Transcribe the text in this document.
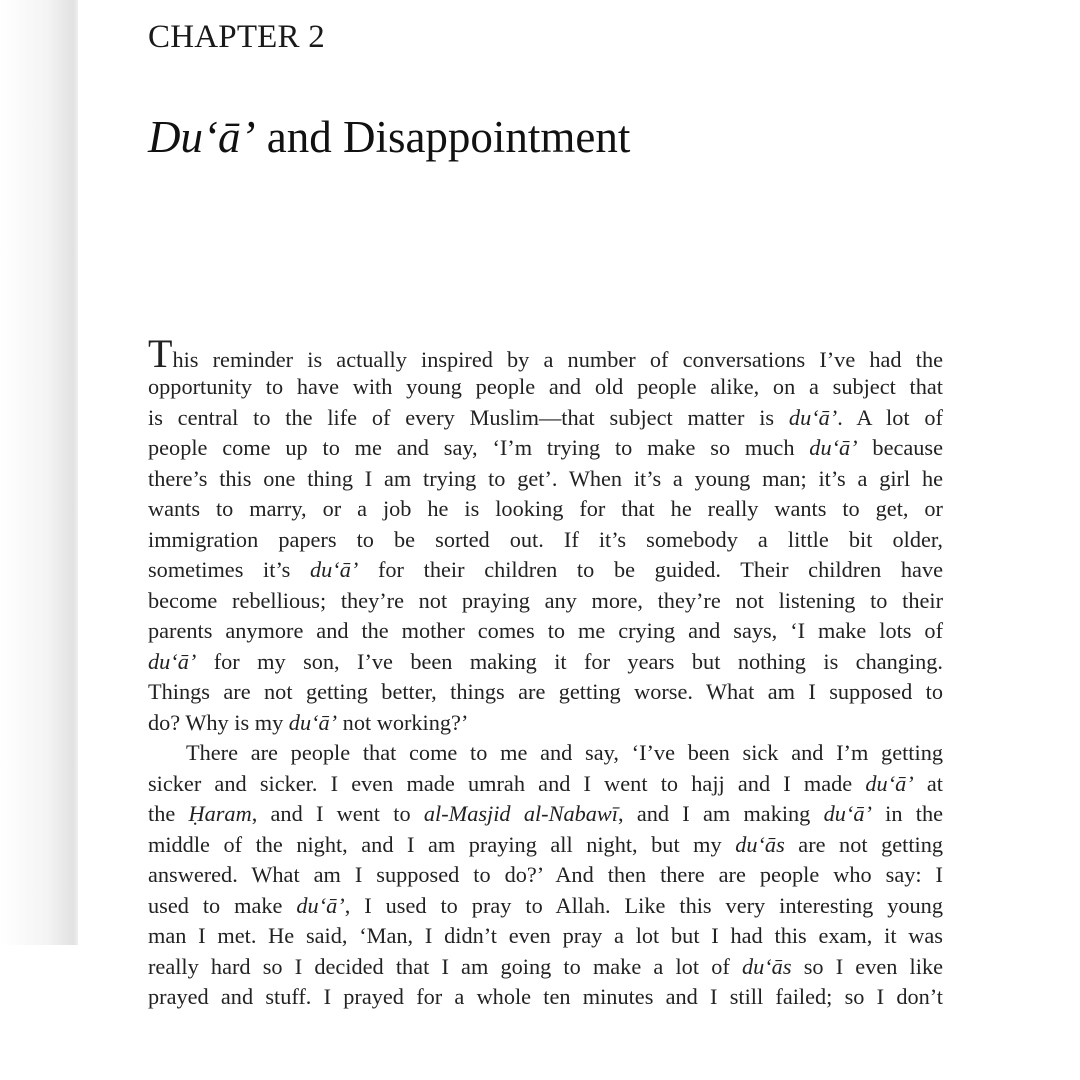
CHAPTER 2
Du‘ā’ and Disappointment
This reminder is actually inspired by a number of conversations I’ve had the
opportunity to have with young people and old people alike, on a subject that
is central to the life of every Muslim—that subject matter is du‘ā’. A lot of
people come up to me and say, ‘I’m trying to make so much du‘ā’ because
there’s this one thing I am trying to get’. When it’s a young man; it’s a girl he
wants to marry, or a job he is looking for that he really wants to get, or
immigration papers to be sorted out. If it’s somebody a little bit older,
sometimes it’s du‘ā’ for their children to be guided. Their children have
become rebellious; they’re not praying any more, they’re not listening to their
parents anymore and the mother comes to me crying and says, ‘I make lots of
du‘ā’ for my son, I’ve been making it for years but nothing is changing.
Things are not getting better, things are getting worse. What am I supposed to
do? Why is my du‘ā’ not working?’
There are people that come to me and say, ‘I’ve been sick and I’m getting
sicker and sicker. I even made umrah and I went to hajj and I made du‘ā’ at
the Ḥaram, and I went to al-Masjid al-Nabawī, and I am making du‘ā’ in the
middle of the night, and I am praying all night, but my du‘ās are not getting
answered. What am I supposed to do?’ And then there are people who say: I
used to make du‘ā’, I used to pray to Allah. Like this very interesting young
man I met. He said, ‘Man, I didn’t even pray a lot but I had this exam, it was
really hard so I decided that I am going to make a lot of du‘ās so I even like
prayed and stuff. I prayed for a whole ten minutes and I still failed; so I don’t
